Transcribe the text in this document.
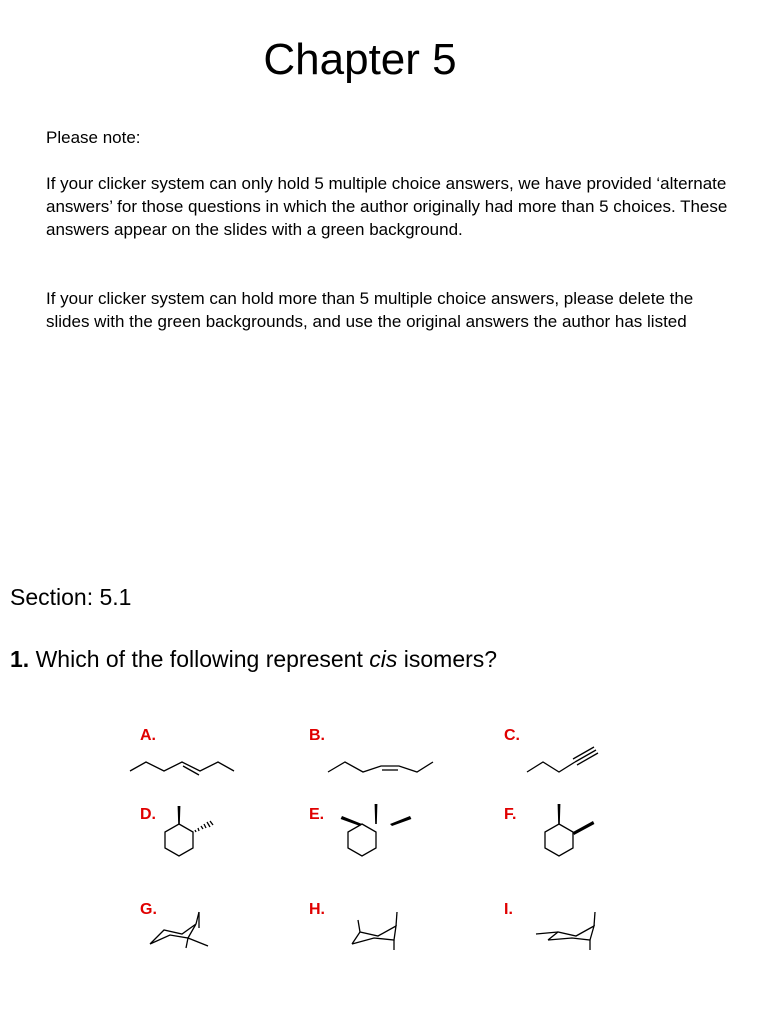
Chapter 5

Please note:

If your clicker system can only hold 5 multiple choice answers, we have provided ‘alternate answers’ for those questions in which the author originally had more than 5 choices. These answers appear on the slides with a green background.

If your clicker system can hold more than 5 multiple choice answers, please delete the slides with the green backgrounds, and use the original answers the author has listed

Section: 5.1
1. Which of the following represent cis isomers?
A.	B.	C.
D.	E.	F.
G.	H.	I.
